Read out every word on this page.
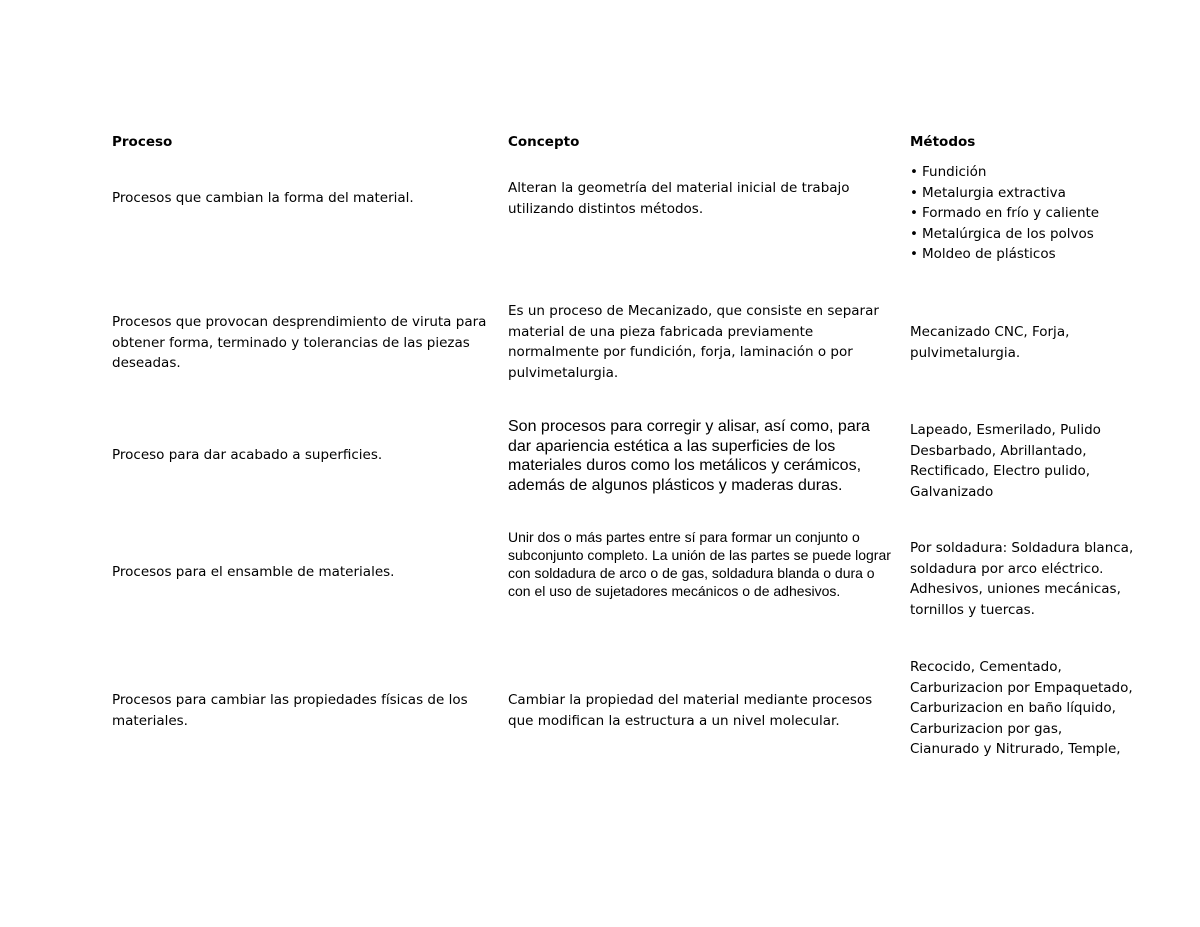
Proceso	Concepto	Métodos
Procesos que cambian la forma del material.
Alteran la geometría del material inicial de trabajo utilizando distintos métodos.
• Fundición
• Metalurgia extractiva
• Formado en frío y caliente
• Metalúrgica de los polvos
• Moldeo de plásticos
Procesos que provocan desprendimiento de viruta para obtener forma, terminado y tolerancias de las piezas deseadas.
Es un proceso de Mecanizado, que consiste en separar material de una pieza fabricada previamente normalmente por fundición, forja, laminación o por pulvimetalurgia.
Mecanizado CNC, Forja, pulvimetalurgia.
Proceso para dar acabado a superficies.
Son procesos para corregir y alisar, así como, para dar apariencia estética a las superficies de los materiales duros como los metálicos y cerámicos, además de algunos plásticos y maderas duras.
Lapeado, Esmerilado, Pulido Desbarbado, Abrillantado, Rectificado, Electro pulido, Galvanizado
Procesos para el ensamble de materiales.
Unir dos o más partes entre sí para formar un conjunto o subconjunto completo. La unión de las partes se puede lograr con soldadura de arco o de gas, soldadura blanda o dura o con el uso de sujetadores mecánicos o de adhesivos.
Por soldadura: Soldadura blanca, soldadura por arco eléctrico. Adhesivos, uniones mecánicas, tornillos y tuercas.
Procesos para cambiar las propiedades físicas de los materiales.
Cambiar la propiedad del material mediante procesos que modifican la estructura a un nivel molecular.
Recocido, Cementado, Carburizacion por Empaquetado, Carburizacion en baño líquido, Carburizacion por gas, Cianurado y Nitrurado, Temple,
